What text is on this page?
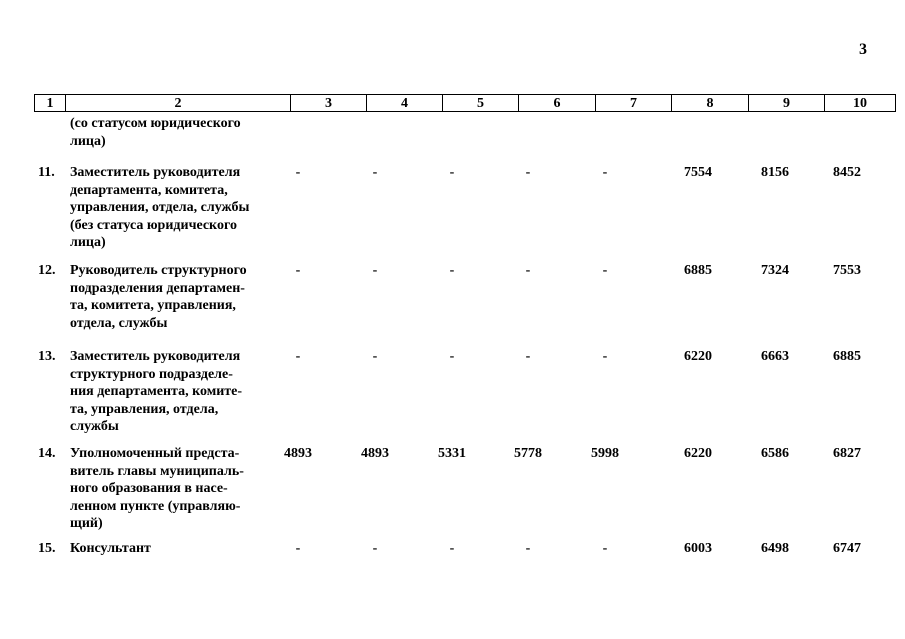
3
1	2	3	4	5	6	7	8	9	10
(со статусом юридического
лица)
11.	Заместитель руководителя
департамента, комитета,
управления, отдела, службы
(без статуса юридического
лица)
-	-	-	-	-	7554	8156	8452
12.	Руководитель структурного
подразделения департамен-
та, комитета, управления,
отдела, службы
-	-	-	-	-	6885	7324	7553
13.	Заместитель руководителя
структурного подразделе-
ния департамента, комите-
та, управления, отдела,
службы
-	-	-	-	-	6220	6663	6885
14.	Уполномоченный предста-
витель главы муниципаль-
ного образования в насе-
ленном пункте (управляю-
щий)
4893	4893	5331	5778	5998	6220	6586	6827
15.	Консультант	-	-	-	-	-	6003	6498	6747
